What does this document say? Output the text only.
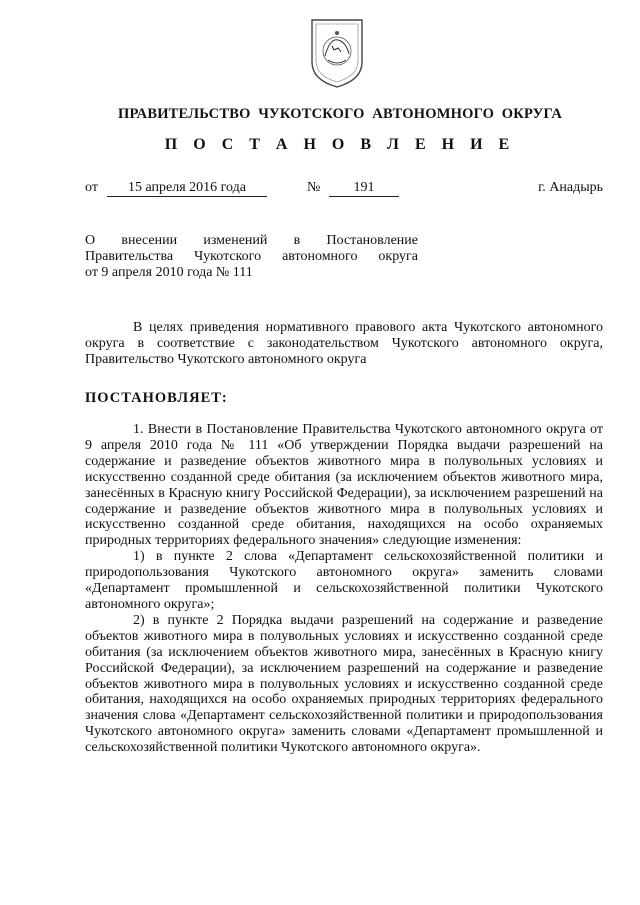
ПРАВИТЕЛЬСТВО  ЧУКОТСКОГО  АВТОНОМНОГО  ОКРУГА
П О С Т А Н О В Л Е Н И Е
от	15 апреля 2016 года	№	191	г. Анадырь
О внесении изменений в Постановление
Правительства Чукотского автономного округа
от 9 апреля 2010 года № 111
В целях приведения нормативного правового акта Чукотского автономного округа в соответствие с законодательством Чукотского автономного округа, Правительство Чукотского автономного округа
ПОСТАНОВЛЯЕТ:

1. Внести в Постановление Правительства Чукотского автономного округа от 9 апреля 2010 года № 111 «Об утверждении Порядка выдачи разрешений на содержание и разведение объектов животного мира в полувольных условиях и искусственно созданной среде обитания (за исключением объектов животного мира, занесённых в Красную книгу Российской Федерации), за исключением разрешений на содержание и разведение объектов животного мира в полувольных условиях и искусственно созданной среде обитания, находящихся на особо охраняемых природных территориях федерального значения» следующие изменения:

1) в пункте 2 слова «Департамент сельскохозяйственной политики и природопользования Чукотского автономного округа» заменить словами «Департамент промышленной и сельскохозяйственной политики Чукотского автономного округа»;

2) в пункте 2 Порядка выдачи разрешений на содержание и разведение объектов животного мира в полувольных условиях и искусственно созданной среде обитания (за исключением объектов животного мира, занесённых в Красную книгу Российской Федерации), за исключением разрешений на содержание и разведение объектов животного мира в полувольных условиях и искусственно созданной среде обитания, находящихся на особо охраняемых природных территориях федерального значения слова «Департамент сельскохозяйственной политики и природопользования Чукотского автономного округа» заменить словами «Департамент промышленной и сельскохозяйственной политики Чукотского автономного округа».
